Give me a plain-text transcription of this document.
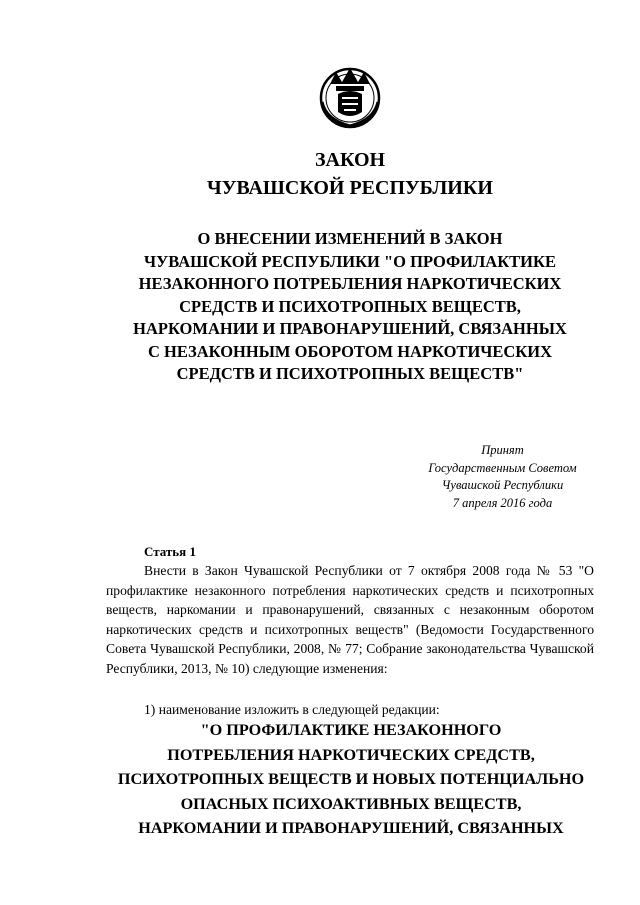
ЗАКОН
ЧУВАШСКОЙ РЕСПУБЛИКИ
О ВНЕСЕНИИ ИЗМЕНЕНИЙ В ЗАКОН
ЧУВАШСКОЙ РЕСПУБЛИКИ "О ПРОФИЛАКТИКЕ
НЕЗАКОННОГО ПОТРЕБЛЕНИЯ НАРКОТИЧЕСКИХ
СРЕДСТВ И ПСИХОТРОПНЫХ ВЕЩЕСТВ,
НАРКОМАНИИ И ПРАВОНАРУШЕНИЙ, СВЯЗАННЫХ
С НЕЗАКОННЫМ ОБОРОТОМ НАРКОТИЧЕСКИХ
СРЕДСТВ И ПСИХОТРОПНЫХ ВЕЩЕСТВ"
Принят
Государственным Советом
Чувашской Республики
7 апреля 2016 года
Статья 1

Внести в Закон Чувашской Республики от 7 октября 2008 года № 53 "О профилактике незаконного потребления наркотических средств и психотропных веществ, наркомании и правонарушений, связанных с незаконным оборотом наркотических средств и психотропных веществ" (Ведомости Государственного Совета Чувашской Республики, 2008, № 77; Собрание законодательства Чувашской Республики, 2013, № 10) следующие изменения:

1) наименование изложить в следующей редакции:
"О ПРОФИЛАКТИКЕ НЕЗАКОННОГО
ПОТРЕБЛЕНИЯ НАРКОТИЧЕСКИХ СРЕДСТВ,
ПСИХОТРОПНЫХ ВЕЩЕСТВ И НОВЫХ ПОТЕНЦИАЛЬНО
ОПАСНЫХ ПСИХОАКТИВНЫХ ВЕЩЕСТВ,
НАРКОМАНИИ И ПРАВОНАРУШЕНИЙ, СВЯЗАННЫХ
